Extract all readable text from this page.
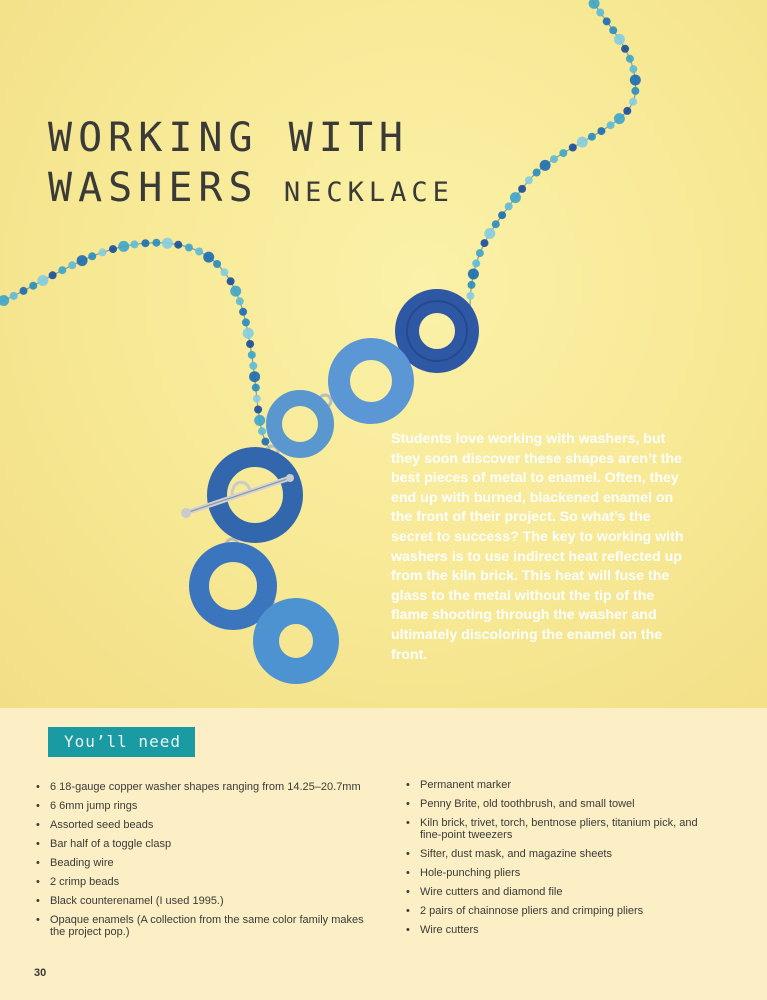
WORKING WITH
WASHERS NECKLACE

Students love working with washers, but they soon discover these shapes aren’t the best pieces of metal to enamel. Often, they end up with burned, blackened enamel on the front of their project. So what’s the secret to success? The key to working with washers is to use indirect heat reflected up from the kiln brick. This heat will fuse the glass to the metal without the tip of the flame shooting through the washer and ultimately discoloring the enamel on the front.

You’ll need
• 6 18-gauge copper washer shapes ranging from 14.25–20.7mm
• 6 6mm jump rings
• Assorted seed beads
• Bar half of a toggle clasp
• Beading wire
• 2 crimp beads
• Black counterenamel (I used 1995.)
• Opaque enamels (A collection from the same color family makes the project pop.)
• Permanent marker
• Penny Brite, old toothbrush, and small towel
• Kiln brick, trivet, torch, bentnose pliers, titanium pick, and fine-point tweezers
• Sifter, dust mask, and magazine sheets
• Hole-punching pliers
• Wire cutters and diamond file
• 2 pairs of chainnose pliers and crimping pliers
• Wire cutters
30
